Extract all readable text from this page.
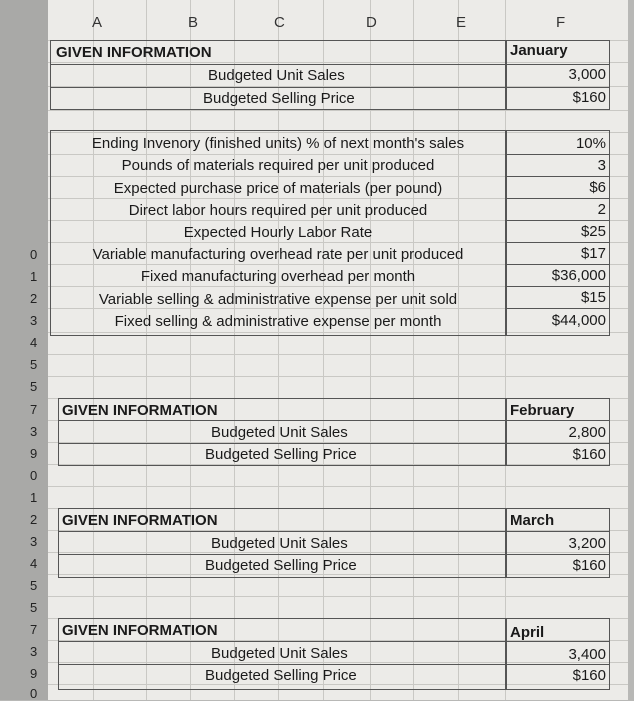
0
1
2
3
4
5
5
7
3
9
0
1
2
3
4
5
5
7
3
9
0
A	B	C	D	E	F
GIVEN INFORMATION	January
Budgeted Unit Sales	3,000
Budgeted Selling Price	$160
Ending Invenory (finished units) % of next month's sales	10%
Pounds of materials required per unit produced	3
Expected purchase price of materials (per pound)	$6
Direct labor hours required per unit produced	2
Expected Hourly Labor Rate	$25
Variable manufacturing overhead rate per unit produced	$17
Fixed manufacturing overhead per month	$36,000
Variable selling & administrative expense per unit sold	$15
Fixed selling & administrative expense per month	$44,000
GIVEN INFORMATION	February
Budgeted Unit Sales	2,800
Budgeted Selling Price	$160
GIVEN INFORMATION	March
Budgeted Unit Sales	3,200
Budgeted Selling Price	$160
GIVEN INFORMATION	April
Budgeted Unit Sales	3,400
Budgeted Selling Price	$160
